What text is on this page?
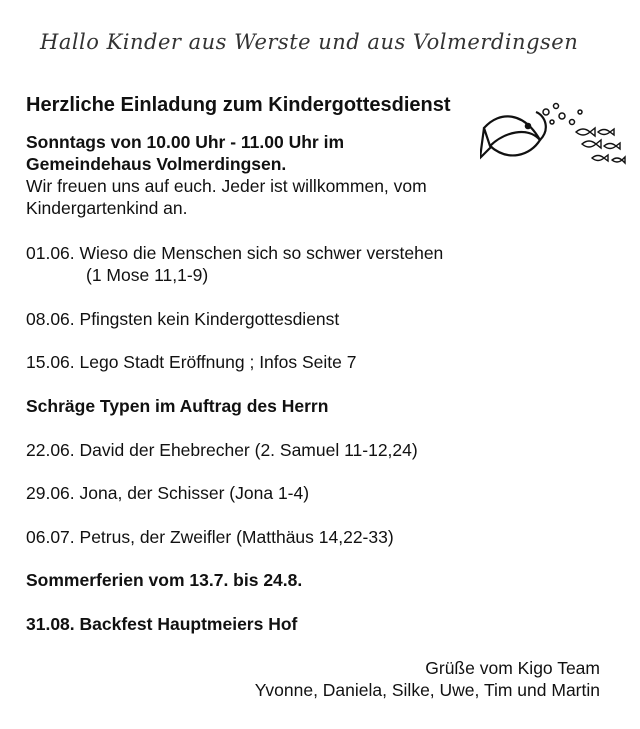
Hallo Kinder aus Werste und aus Volmerdingsen
Herzliche Einladung zum Kindergottesdienst
Sonntags von 10.00 Uhr - 11.00 Uhr im
Gemeindehaus Volmerdingsen.
Wir freuen uns auf euch. Jeder ist willkommen, vom
Kindergartenkind an.
01.06. Wieso die Menschen sich so schwer verstehen
(1 Mose 11,1-9)
08.06. Pfingsten kein Kindergottesdienst
15.06. Lego Stadt Eröffnung ; Infos Seite 7
Schräge Typen im Auftrag des Herrn
22.06. David der Ehebrecher (2. Samuel 11-12,24)
29.06. Jona, der Schisser (Jona 1-4)
06.07. Petrus, der Zweifler (Matthäus 14,22-33)
Sommerferien vom 13.7. bis 24.8.
31.08. Backfest Hauptmeiers Hof
Grüße vom Kigo Team
Yvonne, Daniela, Silke, Uwe, Tim und Martin
